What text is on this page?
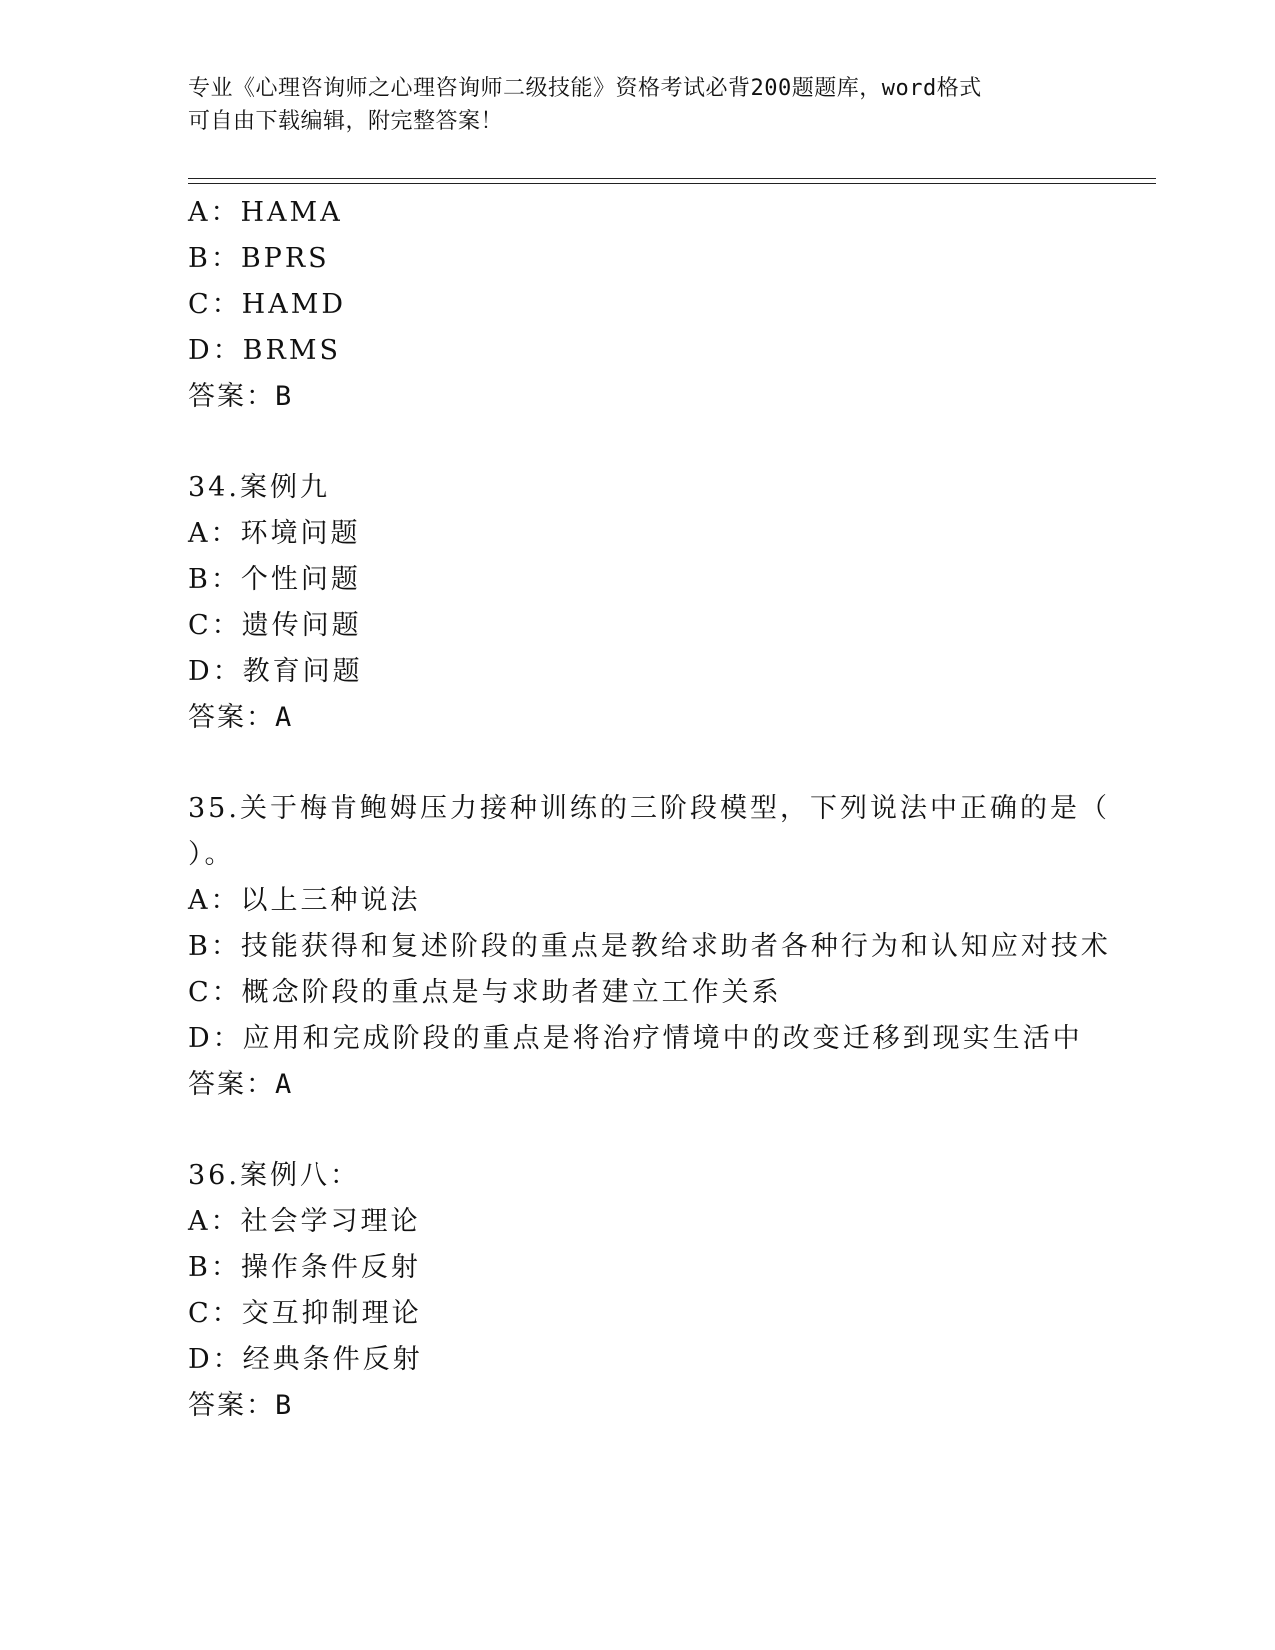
专业《心理咨询师之心理咨询师二级技能》资格考试必背200题题库，word格式
可自由下载编辑，附完整答案！
A：HAMA
B：BPRS
C：HAMD
D：BRMS
答案：B
34.案例九
A：环境问题
B：个性问题
C：遗传问题
D：教育问题
答案：A
35.关于梅肯鲍姆压力接种训练的三阶段模型，下列说法中正确的是（
）。
A：以上三种说法
B：技能获得和复述阶段的重点是教给求助者各种行为和认知应对技术
C：概念阶段的重点是与求助者建立工作关系
D：应用和完成阶段的重点是将治疗情境中的改变迁移到现实生活中
答案：A
36.案例八：
A：社会学习理论
B：操作条件反射
C：交互抑制理论
D：经典条件反射
答案：B
